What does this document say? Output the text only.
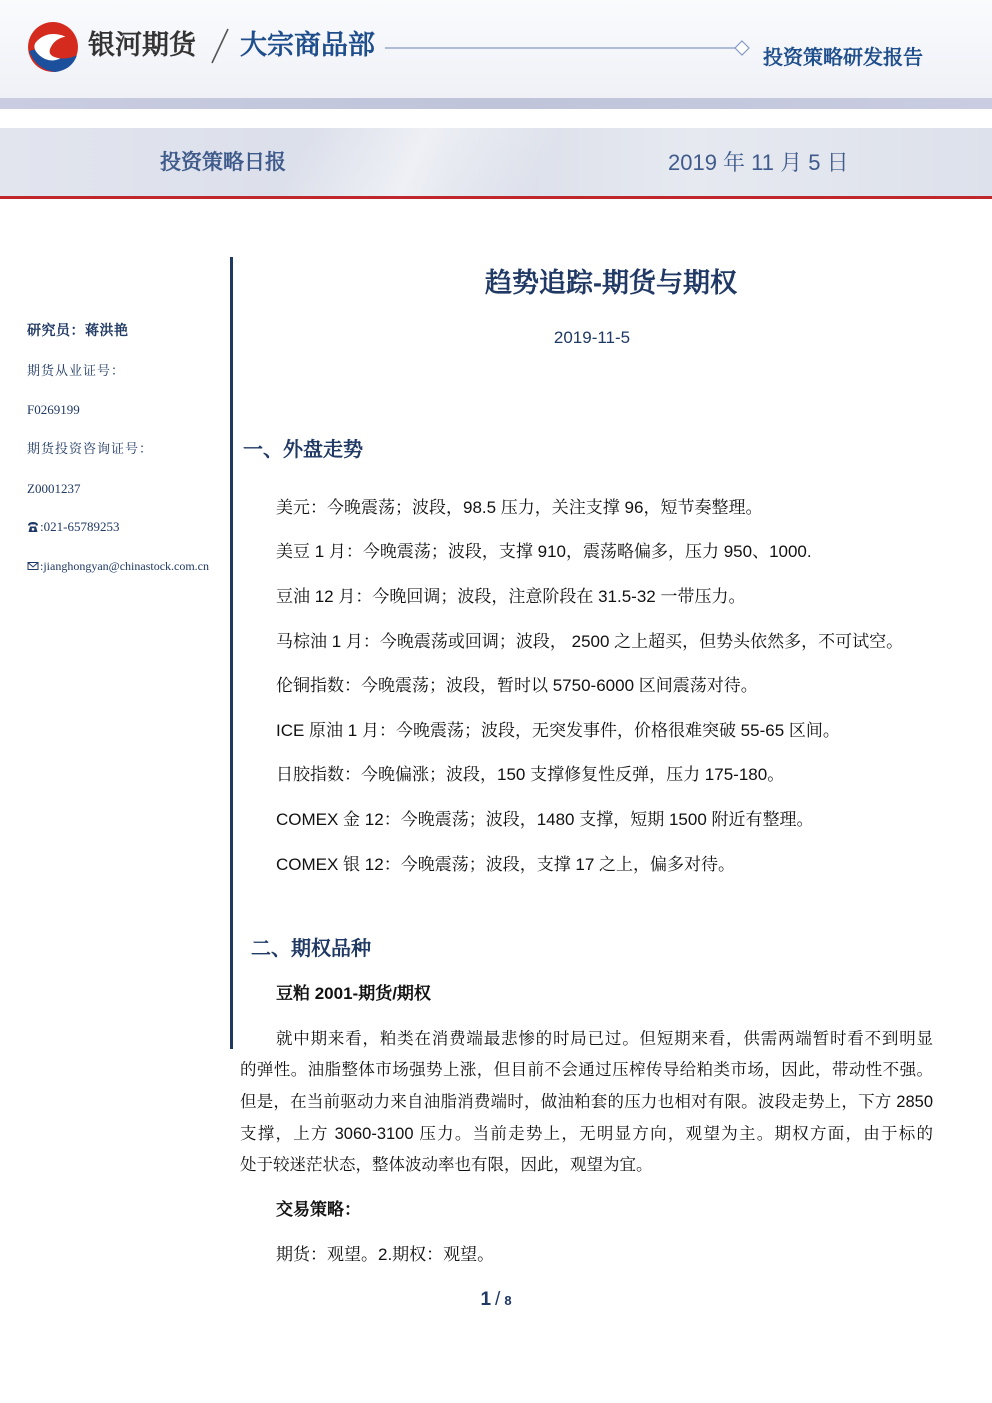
银河期货 大宗商品部	投资策略研发报告
投资策略日报	2019 年 11 月 5 日
研究员：蒋洪艳
期货从业证号：
F0269199
期货投资咨询证号：
Z0001237
:021-65789253
:jianghongyan@chinastock.com.cn
趋势追踪-期货与期权
2019-11-5
一、外盘走势
美元：今晚震荡；波段，98.5 压力，关注支撑 96，短节奏整理。
美豆 1 月：今晚震荡；波段，支撑 910，震荡略偏多，压力 950、1000.
豆油 12 月：今晚回调；波段，注意阶段在 31.5-32 一带压力。
马棕油 1 月：今晚震荡或回调；波段， 2500 之上超买，但势头依然多，不可试空。
伦铜指数：今晚震荡；波段，暂时以 5750-6000 区间震荡对待。
ICE 原油 1 月：今晚震荡；波段，无突发事件，价格很难突破 55-65 区间。
日胶指数：今晚偏涨；波段，150 支撑修复性反弹，压力 175-180。
COMEX 金 12：今晚震荡；波段，1480 支撑，短期 1500 附近有整理。
COMEX 银 12：今晚震荡；波段，支撑 17 之上，偏多对待。
二、期权品种
豆粕 2001-期货/期权
就中期来看，粕类在消费端最悲惨的时局已过。但短期来看，供需两端暂时看不到明显
的弹性。油脂整体市场强势上涨，但目前不会通过压榨传导给粕类市场，因此，带动性不强。
但是，在当前驱动力来自油脂消费端时，做油粕套的压力也相对有限。波段走势上，下方 2850
支撑，上方 3060-3100 压力。当前走势上，无明显方向，观望为主。期权方面，由于标的
处于较迷茫状态，整体波动率也有限，因此，观望为宜。
交易策略：
期货：观望。2.期权：观望。
1 / 8
